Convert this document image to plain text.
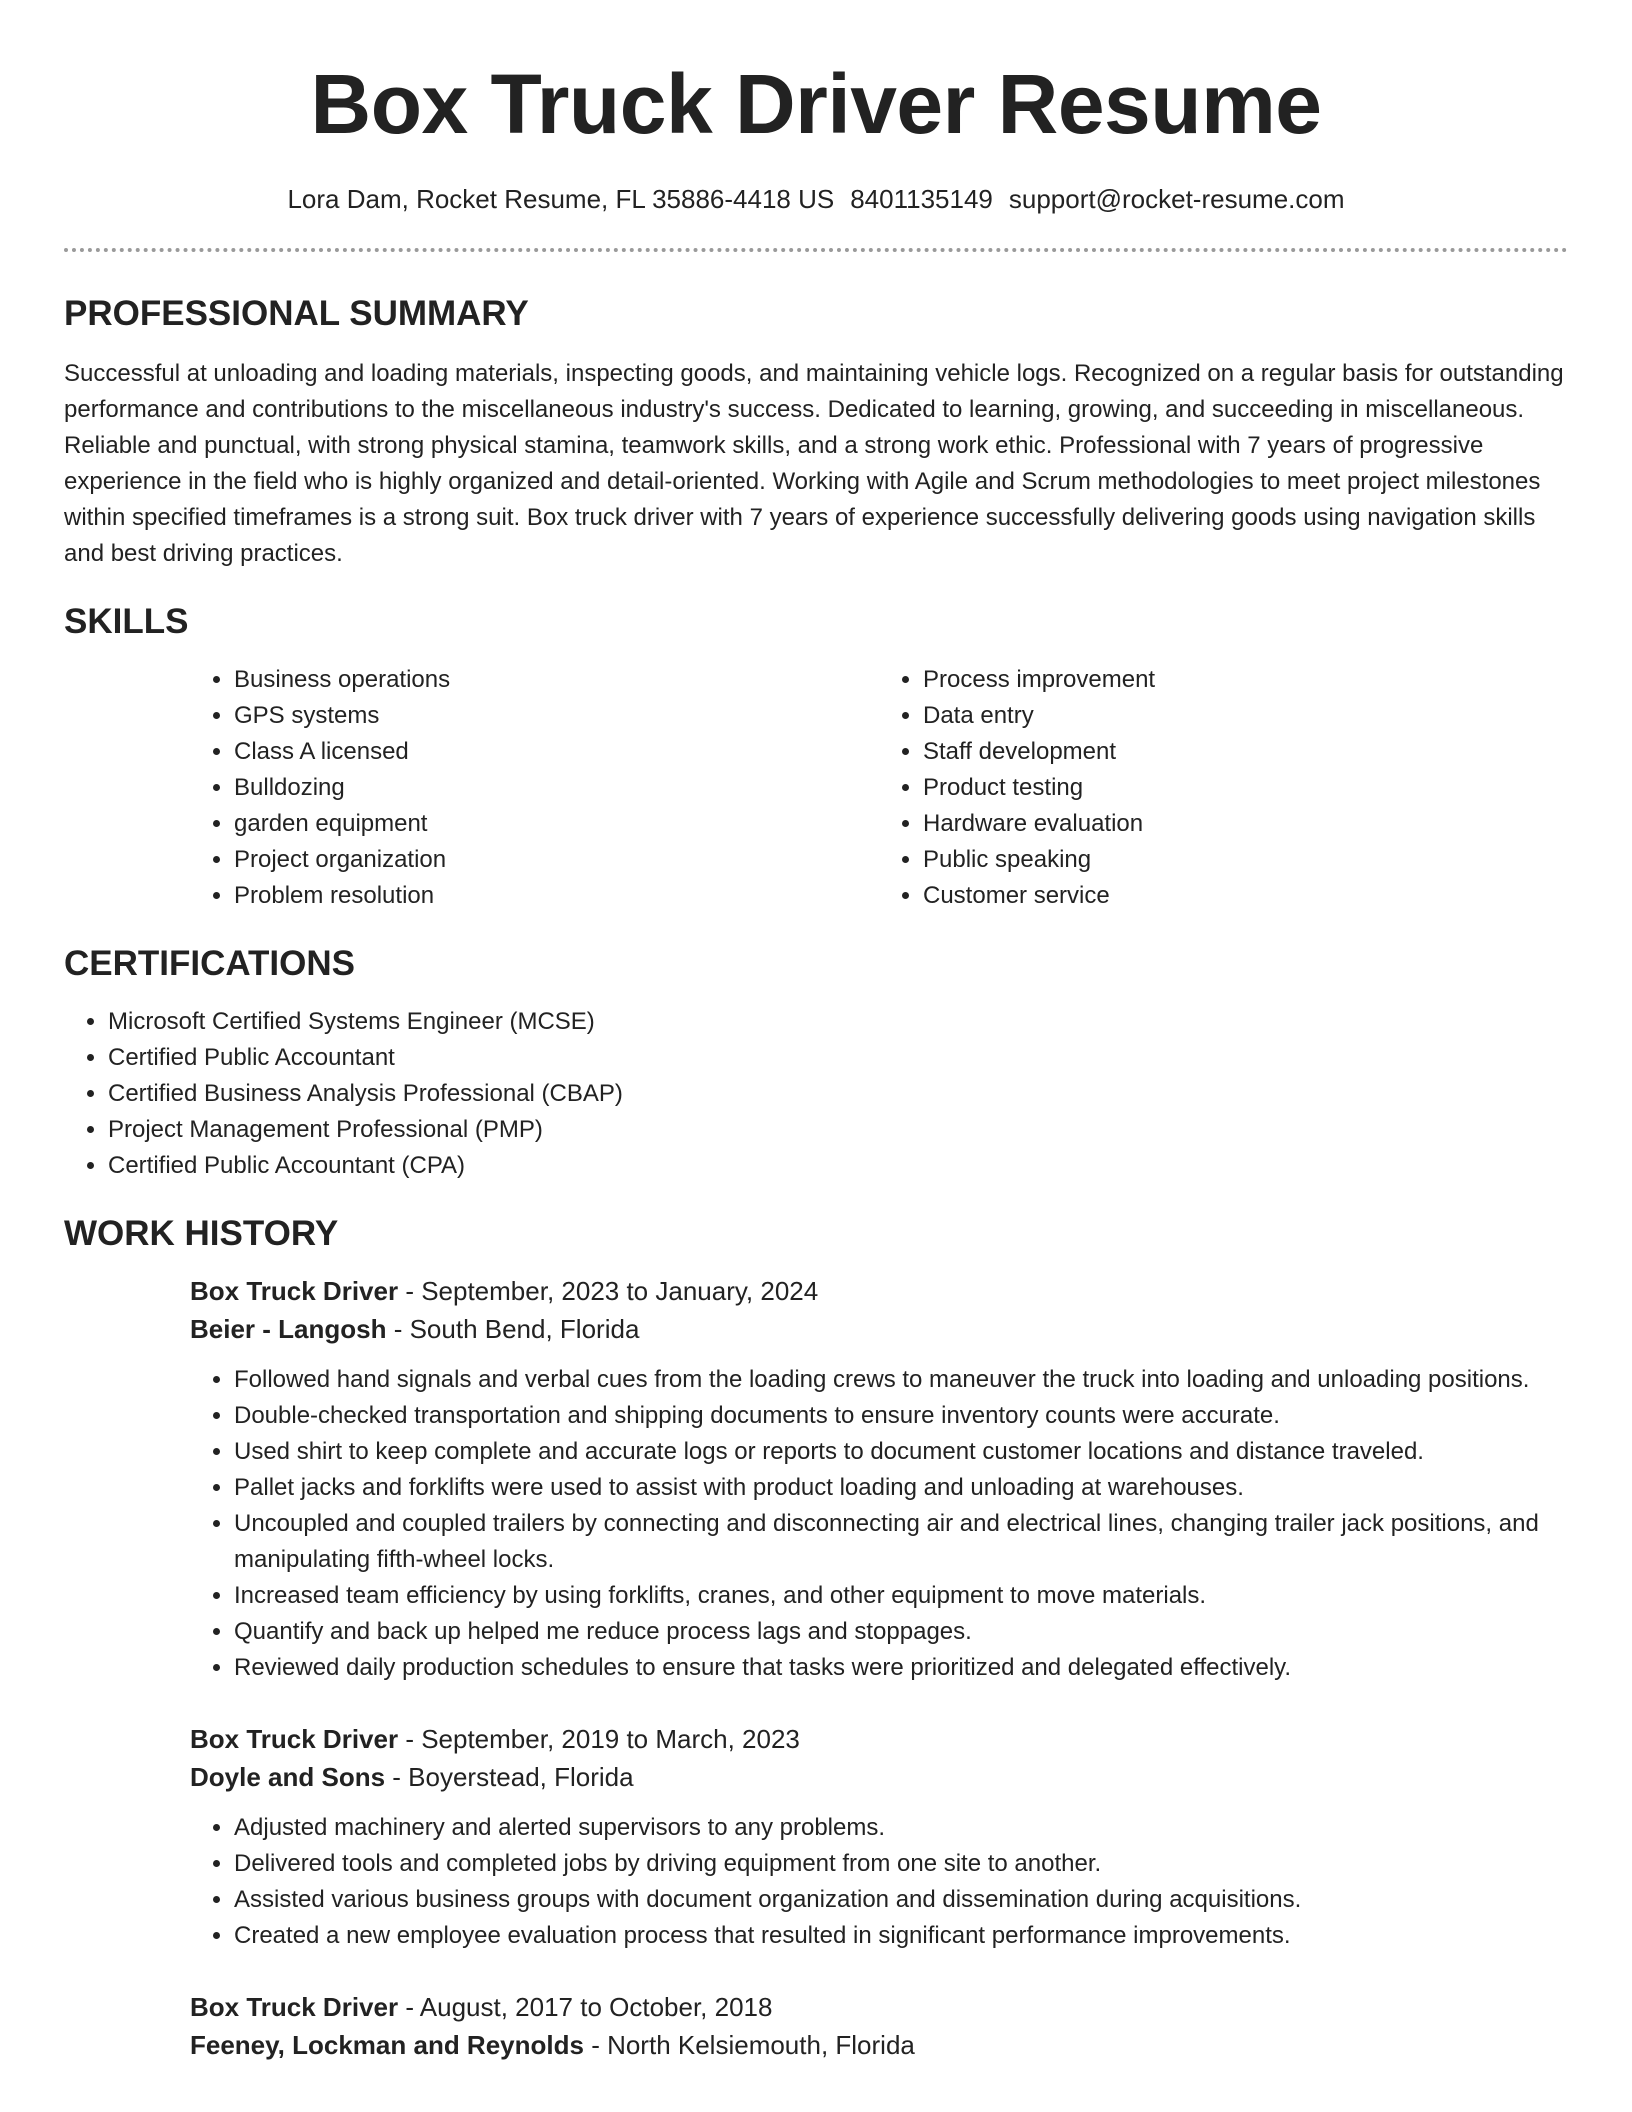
Box Truck Driver Resume
Lora Dam, Rocket Resume, FL 35886-4418 US 8401135149 support@rocket-resume.com
PROFESSIONAL SUMMARY

Successful at unloading and loading materials, inspecting goods, and maintaining vehicle logs. Recognized on a regular basis for outstanding performance and contributions to the miscellaneous industry's success. Dedicated to learning, growing, and succeeding in miscellaneous. Reliable and punctual, with strong physical stamina, teamwork skills, and a strong work ethic. Professional with 7 years of progressive experience in the field who is highly organized and detail-oriented. Working with Agile and Scrum methodologies to meet project milestones within specified timeframes is a strong suit. Box truck driver with 7 years of experience successfully delivering goods using navigation skills and best driving practices.

SKILLS
• Business operations
• GPS systems
• Class A licensed
• Bulldozing
• garden equipment
• Project organization
• Problem resolution
• Process improvement
• Data entry
• Staff development
• Product testing
• Hardware evaluation
• Public speaking
• Customer service
CERTIFICATIONS
• Microsoft Certified Systems Engineer (MCSE)
• Certified Public Accountant
• Certified Business Analysis Professional (CBAP)
• Project Management Professional (PMP)
• Certified Public Accountant (CPA)
WORK HISTORY

Box Truck Driver - September, 2023 to January, 2024

Beier - Langosh - South Bend, Florida

• Followed hand signals and verbal cues from the loading crews to maneuver the truck into loading and unloading positions.
• Double-checked transportation and shipping documents to ensure inventory counts were accurate.
• Used shirt to keep complete and accurate logs or reports to document customer locations and distance traveled.
• Pallet jacks and forklifts were used to assist with product loading and unloading at warehouses.
• Uncoupled and coupled trailers by connecting and disconnecting air and electrical lines, changing trailer jack positions, and manipulating fifth-wheel locks.
• Increased team efficiency by using forklifts, cranes, and other equipment to move materials.
• Quantify and back up helped me reduce process lags and stoppages.
• Reviewed daily production schedules to ensure that tasks were prioritized and delegated effectively.

Box Truck Driver - September, 2019 to March, 2023

Doyle and Sons - Boyerstead, Florida

• Adjusted machinery and alerted supervisors to any problems.
• Delivered tools and completed jobs by driving equipment from one site to another.
• Assisted various business groups with document organization and dissemination during acquisitions.
• Created a new employee evaluation process that resulted in significant performance improvements.

Box Truck Driver - August, 2017 to October, 2018

Feeney, Lockman and Reynolds - North Kelsiemouth, Florida
